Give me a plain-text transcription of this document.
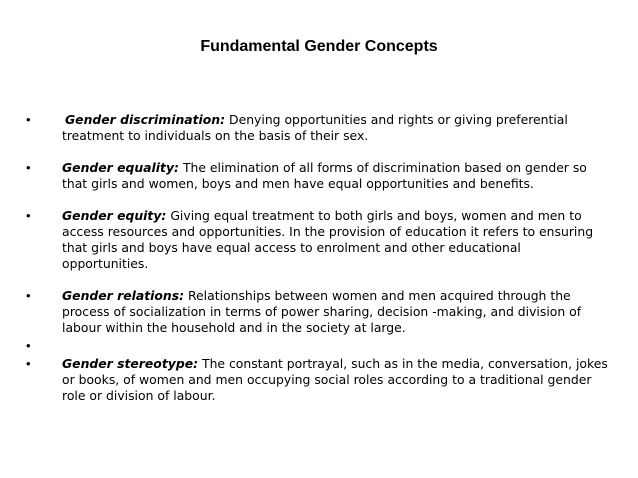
Fundamental Gender Concepts
•	Gender discrimination: Denying opportunities and rights or giving preferential treatment to individuals on the basis of their sex.
•	Gender equality: The elimination of all forms of discrimination based on gender so that girls and women, boys and men have equal opportunities and benefits.
•	Gender equity: Giving equal treatment to both girls and boys, women and men to access resources and opportunities. In the provision of education it refers to ensuring that girls and boys have equal access to enrolment and other educational opportunities.
•	Gender relations: Relationships between women and men acquired through the process of socialization in terms of power sharing, decision -making, and division of labour within the household and in the society at large.
•
•	Gender stereotype: The constant portrayal, such as in the media, conversation, jokes or books, of women and men occupying social roles according to a traditional gender role or division of labour.
